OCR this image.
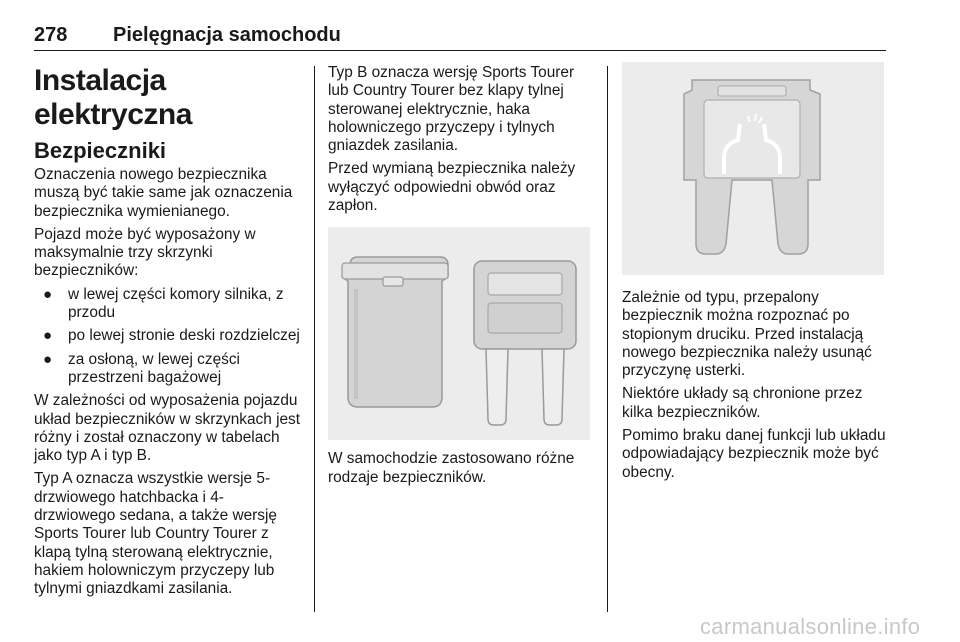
278 Pielęgnacja samochodu
Instalacja elektryczna
Bezpieczniki

Oznaczenia nowego bezpiecznika muszą być takie same jak oznaczenia bezpiecznika wymienianego.

Pojazd może być wyposażony w maksymalnie trzy skrzynki bezpieczników:

● w lewej części komory silnika, z przodu
● po lewej stronie deski rozdzielczej
● za osłoną, w lewej części przestrzeni bagażowej

W zależności od wyposażenia pojazdu układ bezpieczników w skrzynkach jest różny i został oznaczony w tabelach jako typ A i typ B.

Typ A oznacza wszystkie wersje 5-drzwiowego hatchbacka i 4-drzwiowego sedana, a także wersję Sports Tourer lub Country Tourer z klapą tylną sterowaną elektrycznie, hakiem holowniczym przyczepy lub tylnymi gniazdkami zasilania.

Typ B oznacza wersję Sports Tourer lub Country Tourer bez klapy tylnej sterowanej elektrycznie, haka holowniczego przyczepy i tylnych gniazdek zasilania.

Przed wymianą bezpiecznika należy wyłączyć odpowiedni obwód oraz zapłon.

W samochodzie zastosowano różne rodzaje bezpieczników.

Zależnie od typu, przepalony bezpiecznik można rozpoznać po stopionym druciku. Przed instalacją nowego bezpiecznika należy usunąć przyczynę usterki.

Niektóre układy są chronione przez kilka bezpieczników.

Pomimo braku danej funkcji lub układu odpowiadający bezpiecznik może być obecny.

carmanualsonline.info
